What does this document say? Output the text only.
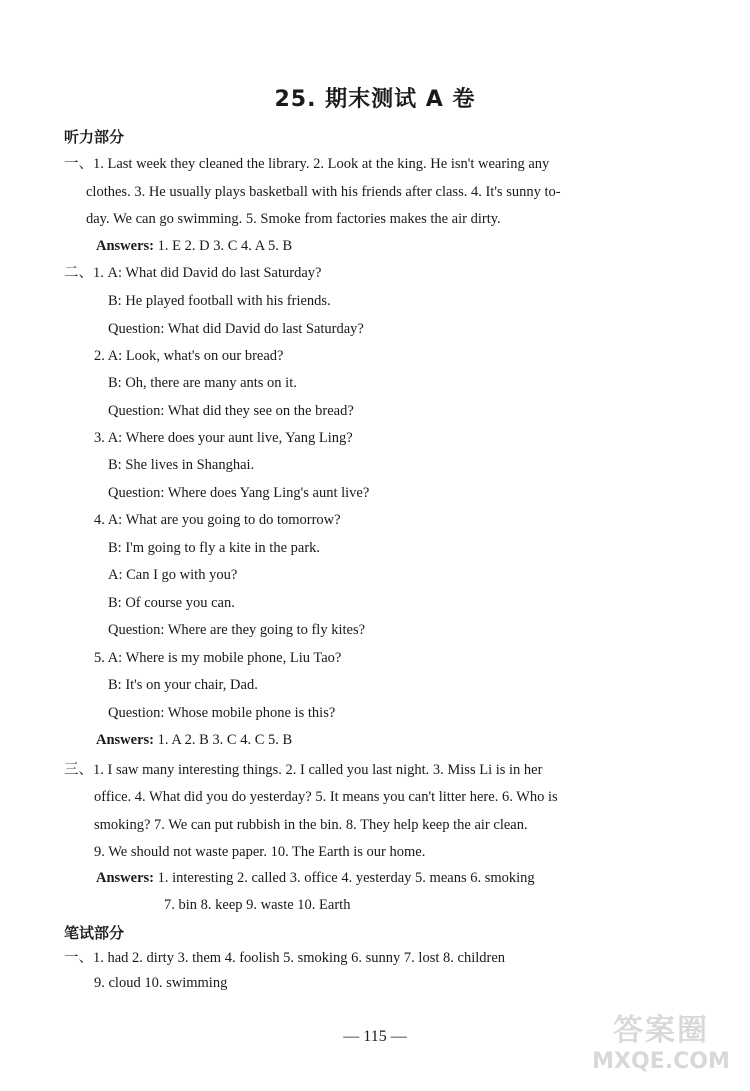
25. 期末测试 A 卷
听力部分
一、1. Last week they cleaned the library. 2. Look at the king. He isn't wearing any
clothes. 3. He usually plays basketball with his friends after class. 4. It's sunny to-
day. We can go swimming. 5. Smoke from factories makes the air dirty.
Answers: 1. E 2. D 3. C 4. A 5. B
二、1. A: What did David do last Saturday?
B: He played football with his friends.
Question: What did David do last Saturday?
2. A: Look, what's on our bread?
B: Oh, there are many ants on it.
Question: What did they see on the bread?
3. A: Where does your aunt live, Yang Ling?
B: She lives in Shanghai.
Question: Where does Yang Ling's aunt live?
4. A: What are you going to do tomorrow?
B: I'm going to fly a kite in the park.
A: Can I go with you?
B: Of course you can.
Question: Where are they going to fly kites?
5. A: Where is my mobile phone, Liu Tao?
B: It's on your chair, Dad.
Question: Whose mobile phone is this?
Answers: 1. A 2. B 3. C 4. C 5. B
三、1. I saw many interesting things. 2. I called you last night. 3. Miss Li is in her
office. 4. What did you do yesterday? 5. It means you can't litter here. 6. Who is
smoking? 7. We can put rubbish in the bin. 8. They help keep the air clean.
9. We should not waste paper. 10. The Earth is our home.
Answers: 1. interesting 2. called 3. office 4. yesterday 5. means 6. smoking
7. bin 8. keep 9. waste 10. Earth
笔试部分
一、1. had 2. dirty 3. them 4. foolish 5. smoking 6. sunny 7. lost 8. children
9. cloud 10. swimming
— 115 —	答案圈
MXQE.COM
